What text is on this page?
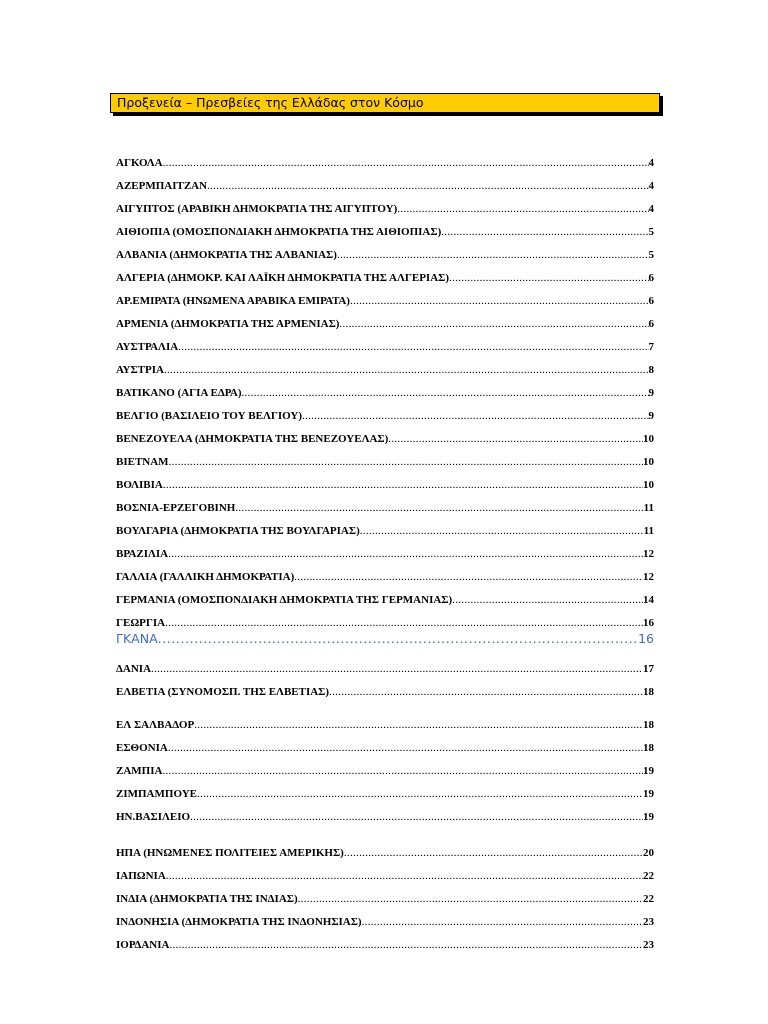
Προξενεία – Πρεσβείες της Ελλάδας στον Κόσμο
ΑΓΚΟΛΑ .....	4
ΑΖΕΡΜΠΑΙΤΖΑΝ .....	4
ΑΙΓΥΠΤΟΣ (ΑΡΑΒΙΚΗ ΔΗΜΟΚΡΑΤΙΑ ΤΗΣ ΑΙΓΥΠΤΟΥ) .....	4
ΑΙΘΙΟΠΙΑ (ΟΜΟΣΠΟΝΔΙΑΚΗ ΔΗΜΟΚΡΑΤΙΑ ΤΗΣ ΑΙΘΙΟΠΙΑΣ) .....	5
ΑΛΒΑΝΙΑ (ΔΗΜΟΚΡΑΤΙΑ ΤΗΣ ΑΛΒΑΝΙΑΣ) .....	5
ΑΛΓΕΡΙΑ (ΔΗΜΟΚΡ. ΚΑΙ ΛΑΪΚΗ ΔΗΜΟΚΡΑΤΙΑ ΤΗΣ ΑΛΓΕΡΙΑΣ) .....	6
ΑΡ.ΕΜΙΡΑΤΑ (ΗΝΩΜΕΝΑ ΑΡΑΒΙΚΑ ΕΜΙΡΑΤΑ) .....	6
ΑΡΜΕΝΙΑ (ΔΗΜΟΚΡΑΤΙΑ ΤΗΣ ΑΡΜΕΝΙΑΣ) .....	6
ΑΥΣΤΡΑΛΙΑ .....	7
ΑΥΣΤΡΙΑ .....	8
ΒΑΤΙΚΑΝΟ (ΑΓΙΑ ΕΔΡΑ) .....	9
ΒΕΛΓΙΟ (ΒΑΣΙΛΕΙΟ ΤΟΥ ΒΕΛΓΙΟΥ) .....	9
ΒΕΝΕΖΟΥΕΛΑ (ΔΗΜΟΚΡΑΤΙΑ ΤΗΣ ΒΕΝΕΖΟΥΕΛΑΣ) .....	10
ΒΙΕΤΝΑΜ .....	10
ΒΟΛΙΒΙΑ .....	10
ΒΟΣΝΙΑ-ΕΡΖΕΓΟΒΙΝΗ .....	11
ΒΟΥΛΓΑΡΙΑ (ΔΗΜΟΚΡΑΤΙΑ ΤΗΣ ΒΟΥΛΓΑΡΙΑΣ) .....	11
ΒΡΑΖΙΛΙΑ .....	12
ΓΑΛΛΙΑ (ΓΑΛΛΙΚΗ ΔΗΜΟΚΡΑΤΙΑ) .....	12
ΓΕΡΜΑΝΙΑ (ΟΜΟΣΠΟΝΔΙΑΚΗ ΔΗΜΟΚΡΑΤΙΑ ΤΗΣ ΓΕΡΜΑΝΙΑΣ) .....	14
ΓΕΩΡΓΙΑ .....	16
ΓΚΑΝΑ .....	16
ΔΑΝΙΑ .....	17
ΕΛΒΕΤΙΑ (ΣΥΝΟΜΟΣΠ. ΤΗΣ ΕΛΒΕΤΙΑΣ) .....	18
ΕΛ ΣΑΛΒΑΔΟΡ .....	18
ΕΣΘΟΝΙΑ .....	18
ΖΑΜΠΙΑ .....	19
ΖΙΜΠΑΜΠΟΥΕ .....	19
ΗΝ.ΒΑΣΙΛΕΙΟ .....	19
ΗΠΑ (ΗΝΩΜΕΝΕΣ ΠΟΛΙΤΕΙΕΣ ΑΜΕΡΙΚΗΣ) .....	20
ΙΑΠΩΝΙΑ .....	22
ΙΝΔΙΑ (ΔΗΜΟΚΡΑΤΙΑ ΤΗΣ ΙΝΔΙΑΣ) .....	22
ΙΝΔΟΝΗΣΙΑ (ΔΗΜΟΚΡΑΤΙΑ ΤΗΣ ΙΝΔΟΝΗΣΙΑΣ) .....	23
ΙΟΡΔΑΝΙΑ .....	23
